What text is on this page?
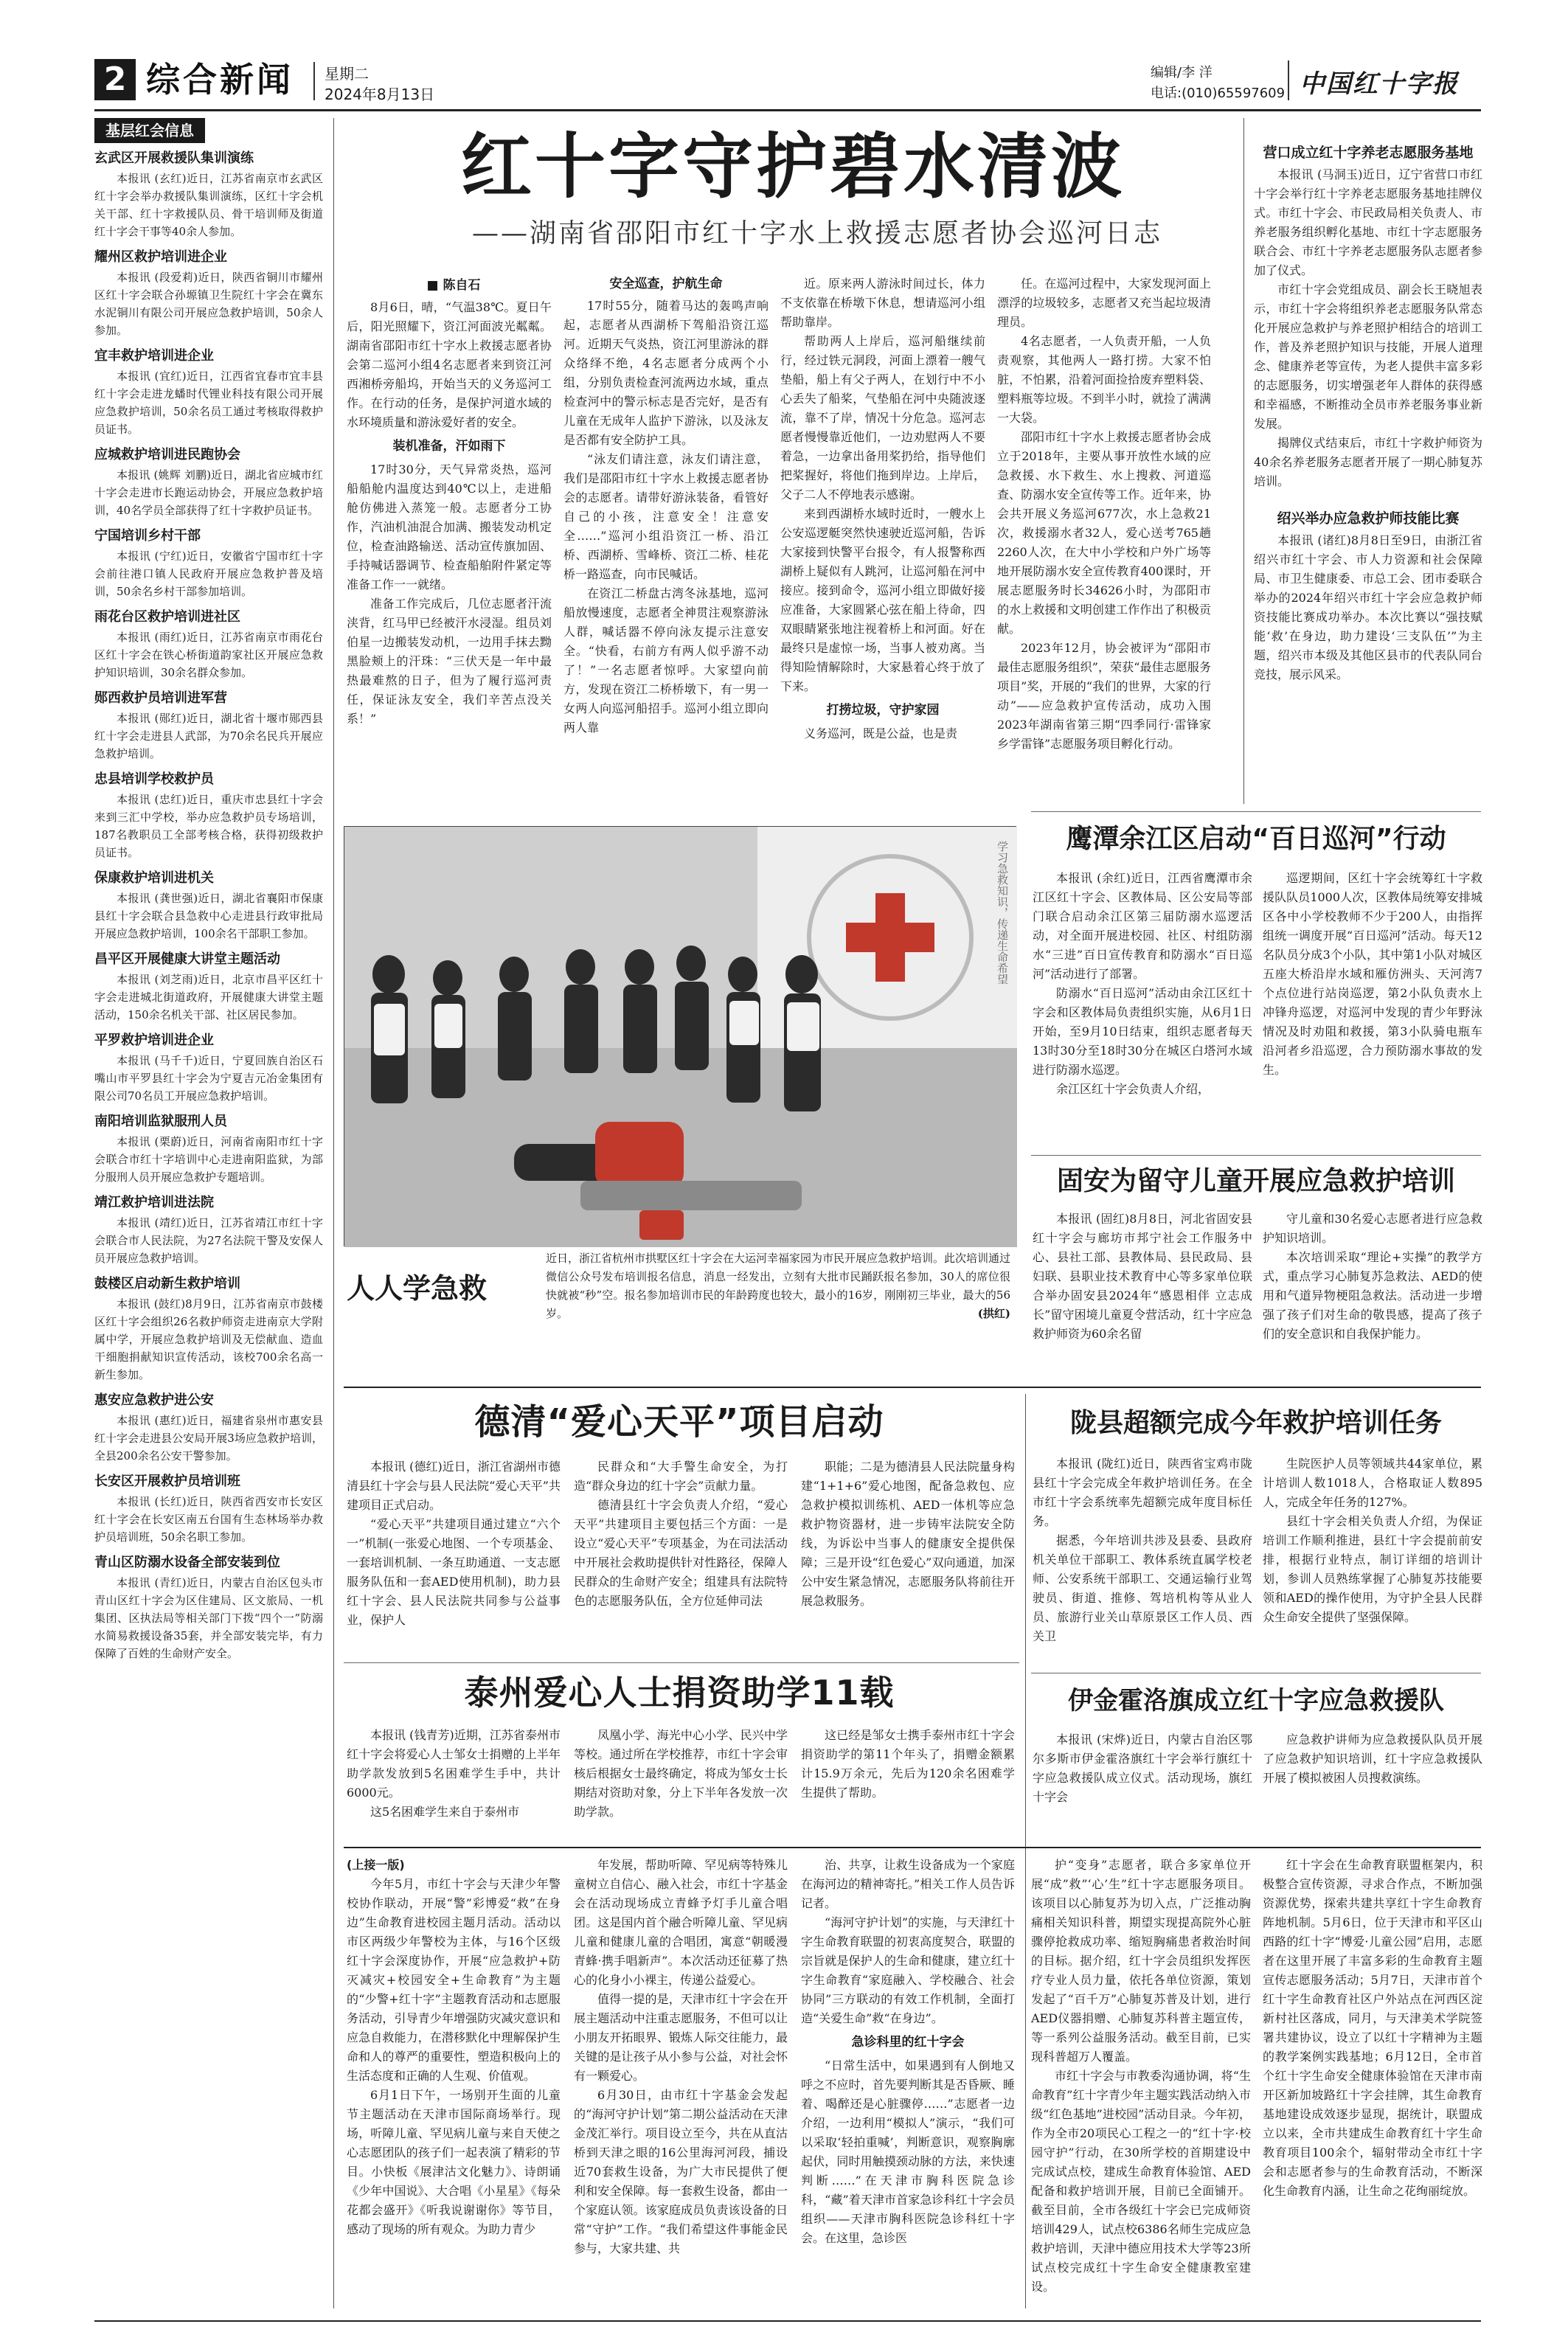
2 综合新闻 星期二
2024年8月13日
编辑/李 洋
电话:(010)65597609 中国红十字报
基层红会信息
玄武区开展救援队集训演练
本报讯 (玄红)近日，江苏省南京市玄武区红十字会举办救援队集训演练，区红十字会机关干部、红十字救援队员、骨干培训师及街道红十字会干事等40余人参加。
耀州区救护培训进企业
本报讯 (段爱莉)近日，陕西省铜川市耀州区红十字会联合孙塬镇卫生院红十字会在冀东水泥铜川有限公司开展应急救护培训，50余人参加。
宜丰救护培训进企业
本报讯 (宜红)近日，江西省宜春市宜丰县红十字会走进龙蟠时代锂业科技有限公司开展应急救护培训，50余名员工通过考核取得救护员证书。
应城救护培训进民跑协会
本报讯 (姚辉 刘鹏)近日，湖北省应城市红十字会走进市长跑运动协会，开展应急救护培训，40名学员全部获得了红十字救护员证书。
宁国培训乡村干部
本报讯 (宁红)近日，安徽省宁国市红十字会前往港口镇人民政府开展应急救护普及培训，50余名乡村干部参加培训。
雨花台区救护培训进社区
本报讯 (雨红)近日，江苏省南京市雨花台区红十字会在铁心桥街道韵家社区开展应急救护知识培训，30余名群众参加。
郧西救护员培训进军营
本报讯 (郧红)近日，湖北省十堰市郧西县红十字会走进县人武部，为70余名民兵开展应急救护培训。
忠县培训学校救护员
本报讯 (忠红)近日，重庆市忠县红十字会来到三汇中学校，举办应急救护员专场培训，187名教职员工全部考核合格，获得初级救护员证书。
保康救护培训进机关
本报讯 (龚世强)近日，湖北省襄阳市保康县红十字会联合县急救中心走进县行政审批局开展应急救护培训，100余名干部职工参加。
昌平区开展健康大讲堂主题活动
本报讯 (刘芝雨)近日，北京市昌平区红十字会走进城北街道政府，开展健康大讲堂主题活动，150余名机关干部、社区居民参加。
平罗救护培训进企业
本报讯 (马千千)近日，宁夏回族自治区石嘴山市平罗县红十字会为宁夏吉元冶金集团有限公司70名员工开展应急救护培训。
南阳培训监狱服刑人员
本报讯 (栗蔚)近日，河南省南阳市红十字会联合市红十字培训中心走进南阳监狱，为部分服刑人员开展应急救护专题培训。
靖江救护培训进法院
本报讯 (靖红)近日，江苏省靖江市红十字会联合市人民法院，为27名法院干警及安保人员开展应急救护培训。
鼓楼区启动新生救护培训
本报讯 (鼓红)8月9日，江苏省南京市鼓楼区红十字会组织26名救护师资走进南京大学附属中学，开展应急救护培训及无偿献血、造血干细胞捐献知识宣传活动，该校700余名高一新生参加。
惠安应急救护进公安
本报讯 (惠红)近日，福建省泉州市惠安县红十字会走进县公安局开展3场应急救护培训，全县200余名公安干警参加。
长安区开展救护员培训班
本报讯 (长红)近日，陕西省西安市长安区红十字会在长安区南五台国有生态林场举办救护员培训班，50余名职工参加。
青山区防溺水设备全部安装到位
本报讯 (青红)近日，内蒙古自治区包头市青山区红十字会为区住建局、区文旅局、一机集团、区执法局等相关部门下拨“四个一”防溺水简易救援设备35套，并全部安装完毕，有力保障了百姓的生命财产安全。
红十字守护碧水清波
——湖南省邵阳市红十字水上救援志愿者协会巡河日志
■ 陈自石

8月6日，晴，“气温38℃。夏日午后，阳光照耀下，资江河面波光粼粼。湖南省邵阳市红十字水上救援志愿者协会第二巡河小组4名志愿者来到资江河西湘桥旁船坞，开始当天的义务巡河工作。在行动的任务，是保护河道水域的水环境质量和游泳爱好者的安全。

装机准备，汗如雨下

17时30分，天气异常炎热，巡河船船舱内温度达到40℃以上，走进船舱仿佛进入蒸笼一般。志愿者分工协作，汽油机油混合加满、搬装发动机定位，检查油路输送、活动宣传旗加固、手持喊话器调节、检查船舶附件紧定等准备工作一一就绪。

准备工作完成后，几位志愿者汗流浃背，红马甲已经被汗水浸湿。组员刘伯星一边搬装发动机，一边用手抹去黝黑脸颊上的汗珠：“三伏天是一年中最热最难熬的日子，但为了履行巡河责任，保证泳友安全，我们辛苦点没关系！”

安全巡查，护航生命

17时55分，随着马达的轰鸣声响起，志愿者从西湖桥下驾船沿资江巡河。近期天气炎热，资江河里游泳的群众络绎不绝，4名志愿者分成两个小组，分别负责检查河流两边水域，重点检查河中的警示标志是否完好，是否有儿童在无成年人监护下游泳，以及泳友是否都有安全防护工具。

“泳友们请注意，泳友们请注意，我们是邵阳市红十字水上救援志愿者协会的志愿者。请带好游泳装备，看管好自己的小孩，注意安全！注意安全……”巡河小组沿资江一桥、沿江桥、西湖桥、雪峰桥、资江二桥、桂花桥一路巡查，向市民喊话。

在资江二桥盘古湾冬泳基地，巡河船放慢速度，志愿者全神贯注观察游泳人群，喊话器不停向泳友提示注意安全。“快看，右前方有两人似乎游不动了！”一名志愿者惊呼。大家望向前方，发现在资江二桥桥墩下，有一男一女两人向巡河船招手。巡河小组立即向两人靠

近。原来两人游泳时间过长，体力不支依靠在桥墩下休息，想请巡河小组帮助靠岸。

帮助两人上岸后，巡河船继续前行，经过铁元洞段，河面上漂着一艘气垫船，船上有父子两人，在划行中不小心丢失了船桨，气垫船在河中央随波逐流，靠不了岸，情况十分危急。巡河志愿者慢慢靠近他们，一边劝慰两人不要着急，一边拿出备用桨扔给，指导他们把桨握好，将他们拖到岸边。上岸后，父子二人不停地表示感谢。

来到西湖桥水域时近时，一艘水上公安巡逻艇突然快速驶近巡河船，告诉大家接到快警平台报令，有人报警称西湖桥上疑似有人跳河，让巡河船在河中接应。接到命令，巡河小组立即做好接应准备，大家圆紧心弦在船上待命，四双眼睛紧张地注视着桥上和河面。好在最终只是虚惊一场，当事人被劝离。当得知险情解除时，大家悬着心终于放了下来。

打捞垃圾，守护家园

义务巡河，既是公益，也是责

任。在巡河过程中，大家发现河面上漂浮的垃圾较多，志愿者又充当起垃圾清理员。

4名志愿者，一人负责开船，一人负责观察，其他两人一路打捞。大家不怕脏，不怕累，沿着河面捡拾废弃塑料袋、塑料瓶等垃圾。不到半小时，就捡了满满一大袋。

邵阳市红十字水上救援志愿者协会成立于2018年，主要从事开放性水域的应急救援、水下救生、水上搜救、河道巡查、防溺水安全宣传等工作。近年来，协会共开展义务巡河677次，水上急救21次，救援溺水者32人，爱心送考765趟2260人次，在大中小学校和户外广场等地开展防溺水安全宣传教育400课时，开展志愿服务时长34626小时，为邵阳市的水上救援和文明创建工作作出了积极贡献。

2023年12月，协会被评为“邵阳市最佳志愿服务组织”，荣获“最佳志愿服务项目”奖，开展的“我们的世界，大家的行动”——应急救护宣传活动，成功入围2023年湖南省第三期“四季同行·雷锋家乡学雷锋”志愿服务项目孵化行动。

学习急救知识，传递生命希望
人人学急救
近日，浙江省杭州市拱墅区红十字会在大运河幸福家园为市民开展应急救护培训。此次培训通过微信公众号发布培训报名信息，消息一经发出，立刻有大批市民踊跃报名参加，30人的席位很快就被“秒”空。报名参加培训市民的年龄跨度也较大，最小的16岁，刚刚初三毕业，最大的56岁。	(拱红)
营口成立红十字养老志愿服务基地

本报讯 (马洞玉)近日，辽宁省营口市红十字会举行红十字养老志愿服务基地挂牌仪式。市红十字会、市民政局相关负责人、市养老服务组织孵化基地、市红十字志愿服务联合会、市红十字养老志愿服务队志愿者参加了仪式。

市红十字会党组成员、副会长王晓旭表示，市红十字会将组织养老志愿服务队常态化开展应急救护与养老照护相结合的培训工作，普及养老照护知识与技能，开展人道理念、健康养老等宣传，为老人提供丰富多彩的志愿服务，切实增强老年人群体的获得感和幸福感，不断推动全员市养老服务事业新发展。

揭牌仪式结束后，市红十字救护师资为40余名养老服务志愿者开展了一期心肺复苏培训。

绍兴举办应急救护师技能比赛

本报讯 (诸红)8月8日至9日，由浙江省绍兴市红十字会、市人力资源和社会保障局、市卫生健康委、市总工会、团市委联合举办的2024年绍兴市红十字会应急救护师资技能比赛成功举办。本次比赛以“强技赋能‘救’在身边，助力建设‘三支队伍’”为主题，绍兴市本级及其他区县市的代表队同台竞技，展示风采。

鹰潭余江区启动“百日巡河”行动

本报讯 (余红)近日，江西省鹰潭市余江区红十字会、区教体局、区公安局等部门联合启动余江区第三届防溺水巡逻活动，对全面开展进校园、社区、村组防溺水“三进”百日宣传教育和防溺水“百日巡河”活动进行了部署。

防溺水“百日巡河”活动由余江区红十字会和区教体局负责组织实施，从6月1日开始，至9月10日结束，组织志愿者每天13时30分至18时30分在城区白塔河水域进行防溺水巡逻。

余江区红十字会负责人介绍，

巡逻期间，区红十字会统筹红十字救援队队员1000人次，区教体局统筹安排城区各中小学校教师不少于200人，由指挥组统一调度开展“百日巡河”活动。每天12名队员分成3个小队，其中第1小队对城区五座大桥沿岸水域和雁仿洲头、天河湾7个点位进行站岗巡逻，第2小队负责水上冲锋舟巡逻，对巡河中发现的青少年野泳情况及时劝阻和救援，第3小队骑电瓶车沿河者乡沿巡逻，合力预防溺水事故的发生。

固安为留守儿童开展应急救护培训

本报讯 (固红)8月8日，河北省固安县红十字会与廊坊市邦宁社会工作服务中心、县社工部、县教体局、县民政局、县妇联、县职业技术教育中心等多家单位联合举办固安县2024年“感恩相伴 立志成长”留守困境儿童夏令营活动，红十字应急救护师资为60余名留

守儿童和30名爱心志愿者进行应急救护知识培训。

本次培训采取“理论+实操”的教学方式，重点学习心肺复苏急救法、AED的使用和气道异物梗阻急救法。活动进一步增强了孩子们对生命的敬畏感，提高了孩子们的安全意识和自我保护能力。

德清“爱心天平”项目启动

本报讯 (德红)近日，浙江省湖州市德清县红十字会与县人民法院“爱心天平”共建项目正式启动。

“爱心天平”共建项目通过建立“六个一”机制(一张爱心地图、一个专项基金、一套培训机制、一条互助通道、一支志愿服务队伍和一套AED使用机制)，助力县红十字会、县人民法院共同参与公益事业，保护人

民群众和“大手警生命安全，为打造“群众身边的红十字会”贡献力量。

德清县红十字会负责人介绍，“爱心天平”共建项目主要包括三个方面：一是设立“爱心天平”专项基金，为在司法活动中开展社会救助提供针对性路径，保障人民群众的生命财产安全；组建具有法院特色的志愿服务队伍，全方位延伸司法

职能；二是为德清县人民法院量身构建“1+1+6”爱心地图，配备急救包、应急救护模拟训练机、AED一体机等应急救护物资器材，进一步铸牢法院安全防线，为诉讼中当事人的健康安全提供保障；三是开设“红色爱心”双向通道，加深公中安生紧急情况，志愿服务队将前往开展急救服务。

陇县超额完成今年救护培训任务

本报讯 (陇红)近日，陕西省宝鸡市陇县红十字会完成全年救护培训任务。在全市红十字会系统率先超额完成年度目标任务。

据悉，今年培训共涉及县委、县政府机关单位干部职工、教体系统直属学校老师、公安系统干部职工、交通运输行业驾驶员、街道、推修、驾培机构等从业人员、旅游行业关山草原景区工作人员、西关卫

生院医护人员等领域共44家单位，累计培训人数1018人，合格取证人数895人，完成全年任务的127%。

县红十字会相关负责人介绍，为保证培训工作顺利推进，县红十字会提前前安排，根据行业特点，制订详细的培训计划，参训人员熟练掌握了心肺复苏技能要领和AED的操作使用，为守护全县人民群众生命安全提供了坚强保障。

泰州爱心人士捐资助学11载

本报讯 (钱青芳)近期，江苏省泰州市红十字会将爱心人士邹女士捐赠的上半年助学款发放到5名困难学生手中，共计6000元。

这5名困难学生来自于泰州市

凤凰小学、海光中心小学、民兴中学等校。通过所在学校推荐，市红十字会审核后根据女士最终确定，将成为邹女士长期结对资助对象，分上下半年各发放一次助学款。

这已经是邹女士携手泰州市红十字会捐资助学的第11个年头了，捐赠金额累计15.9万余元，先后为120余名困难学生提供了帮助。

伊金霍洛旗成立红十字应急救援队

本报讯 (宋烨)近日，内蒙古自治区鄂尔多斯市伊金霍洛旗红十字会举行旗红十字应急救援队成立仪式。活动现场，旗红十字会

应急救护讲师为应急救援队队员开展了应急救护知识培训，红十字应急救援队开展了模拟被困人员搜救演练。

(上接一版)

今年5月，市红十字会与天津少年警校协作联动，开展“警”彩博爱“救”在身边”生命教育进校园主题月活动。活动以市区两级少年警校为主体，与16个区级红十字会深度协作，开展“应急救护+防灭减灾+校园安全+生命教育”为主题的“少警+红十字”主题教育活动和志愿服务活动，引导青少年增强防灾减灾意识和应急自救能力，在潜移默化中理解保护生命和人的尊严的重要性，塑造积极向上的生活态度和正确的人生观、价值观。

6月1日下午，一场别开生面的儿童节主题活动在天津市国际商场举行。现场，听障儿童、罕见病儿童与来自天使之心志愿团队的孩子们一起表演了精彩的节目。小快板《展津沽文化魅力》、诗朗诵《少年中国说》、大合唱《小星星》《每朵花都会盛开》《听我说谢谢你》等节目，感动了现场的所有观众。为助力青少

年发展，帮助听障、罕见病等特殊儿童树立自信心、融入社会，市红十字基金会在活动现场成立青蜂予灯手儿童合唱团。这是国内首个融合听障儿童、罕见病儿童和健康儿童的合唱团，寓意“朝暖漫青蜂·携手唱新声”。本次活动还征募了热心的化身小小裸主，传递公益爱心。

值得一提的是，天津市红十字会在开展主题活动中注重志愿服务，不但可以让小朋友开拓眼界、锻炼人际交往能力，最关键的是让孩子从小参与公益，对社会怀有一颗爱心。

6月30日，由市红十字基金会发起的“海河守护计划”第二期公益活动在天津金茂汇举行。项目设立至今，共在从直沽桥到天津之眼的16公里海河河段，捕设近70套救生设备，为广大市民提供了便利和安全保障。每一套救生设备，都由一个家庭认领。该家庭成员负责该设备的日常“守护”工作。“我们希望这件事能金民参与，大家共建、共

治、共享，让救生设备成为一个家庭在海河边的精神寄托。”相关工作人员告诉记者。

“海河守护计划”的实施，与天津红十字生命教育联盟的初衷高度契合，联盟的宗旨就是保护人的生命和健康，建立红十字生命教育“家庭融入、学校融合、社会协同”三方联动的有效工作机制，全面打造“关爱生命”救“在身边”。

急诊科里的红十字会

“日常生活中，如果遇到有人倒地又呼之不应时，首先要判断其是否昏厥、睡着、喝醉还是心脏骤停……”志愿者一边介绍，一边利用“模拟人”演示，“我们可以采取‘轻拍重喊’，判断意识，观察胸廓起伏，同时用触摸颈动脉的方法，来快速判断……”在天津市胸科医院急诊科，“藏”着天津市首家急诊科红十字会员组织——天津市胸科医院急诊科红十字会。在这里，急诊医

护“变身”志愿者，联合多家单位开展“成”救”‘心’生”红十字志愿服务项目。该项目以心肺复苏为切入点，广泛推动胸痛相关知识科普，期望实现提高院外心脏骤停抢救成功率、缩短胸痛患者救治时间的目标。据介绍，红十字会员组织发挥医疗专业人员力量，依托各单位资源，策划发起了“百千万”心肺复苏普及计划，进行AED仪器捐赠、心肺复苏科普主题宣传，等一系列公益服务活动。截至目前，已实现科普超万人覆盖。

市红十字会与市教委沟通协调，将“生命教育”红十字青少年主题实践活动纳入市级“红色基地”进校园”活动目录。今年初，作为全市20项民心工程之一的“红十字·校园守护”行动，在30所学校的首期建设中完成试点校，建成生命教育体验馆、AED配备和救护培训开展，目前已全面铺开。截至目前，全市各级红十字会已完成师资培训429人，试点校6386名师生完成应急救护培训，天津中德应用技术大学等23所试点校完成红十字生命安全健康教室建设。

红十字会在生命教育联盟框架内，积极整合宣传资源，寻求合作点，不断加强资源优势，探索共建共享红十字生命教育阵地机制。5月6日，位于天津市和平区山西路的红十字“博爱·儿童公园”启用，志愿者在这里开展了丰富多彩的生命教育主题宣传志愿服务活动；5月7日，天津市首个红十字生命教育社区户外站点在河西区淀新村社区落成，同月，与天津美术学院签署共建协议，设立了以红十字精神为主题的教学案例实践基地；6月12日，全市首个红十字生命安全健康体验馆在天津市南开区新加坡路红十字会挂牌，其生命教育基地建设成效逐步显现，据统计，联盟成立以来，全市共建成生命教育红十字生命教育项目100余个，辐射带动全市红十字会和志愿者参与的生命教育活动，不断深化生命教育内涵，让生命之花绚丽绽放。
